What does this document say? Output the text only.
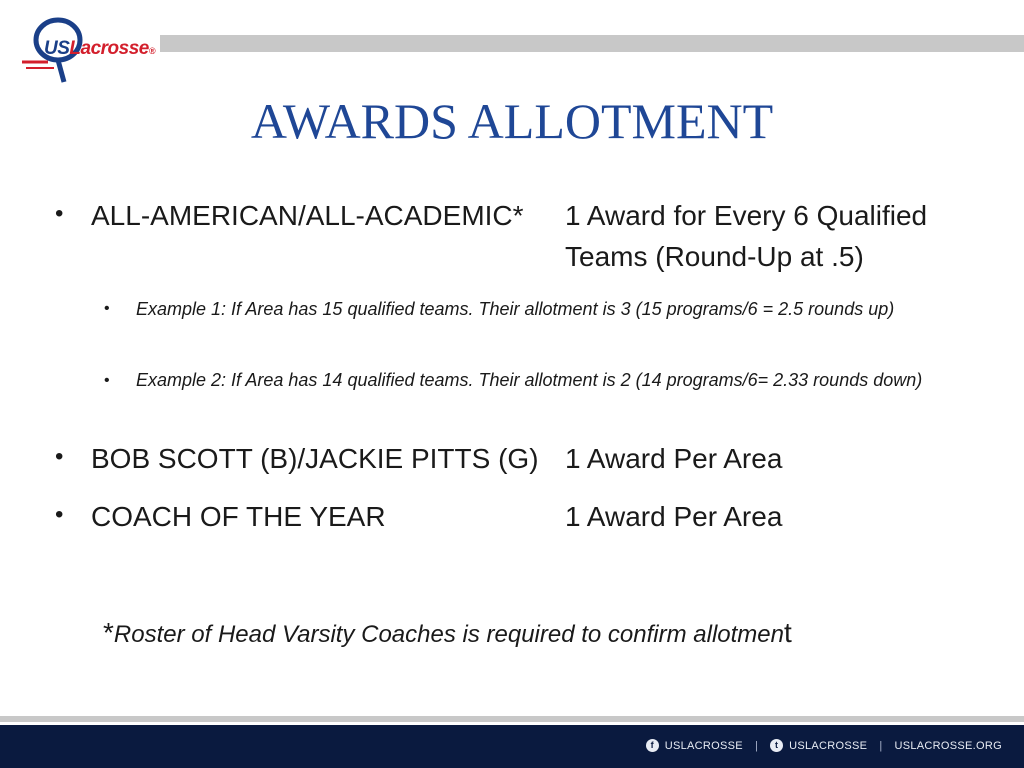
USLacrosse®
AWARDS ALLOTMENT
• ALL-AMERICAN/ALL-ACADEMIC* 1 Award for Every 6 Qualified
Teams (Round-Up at .5)
• Example 1: If Area has 15 qualified teams. Their allotment is 3 (15 programs/6 = 2.5 rounds up)
• Example 2: If Area has 14 qualified teams. Their allotment is 2 (14 programs/6= 2.33 rounds down)
• BOB SCOTT (B)/JACKIE PITTS (G) 1 Award Per Area
• COACH OF THE YEAR	1 Award Per Area
*Roster of Head Varsity Coaches is required to confirm allotment
f USLACROSSE |	t USLACROSSE | USLACROSSE.ORG
